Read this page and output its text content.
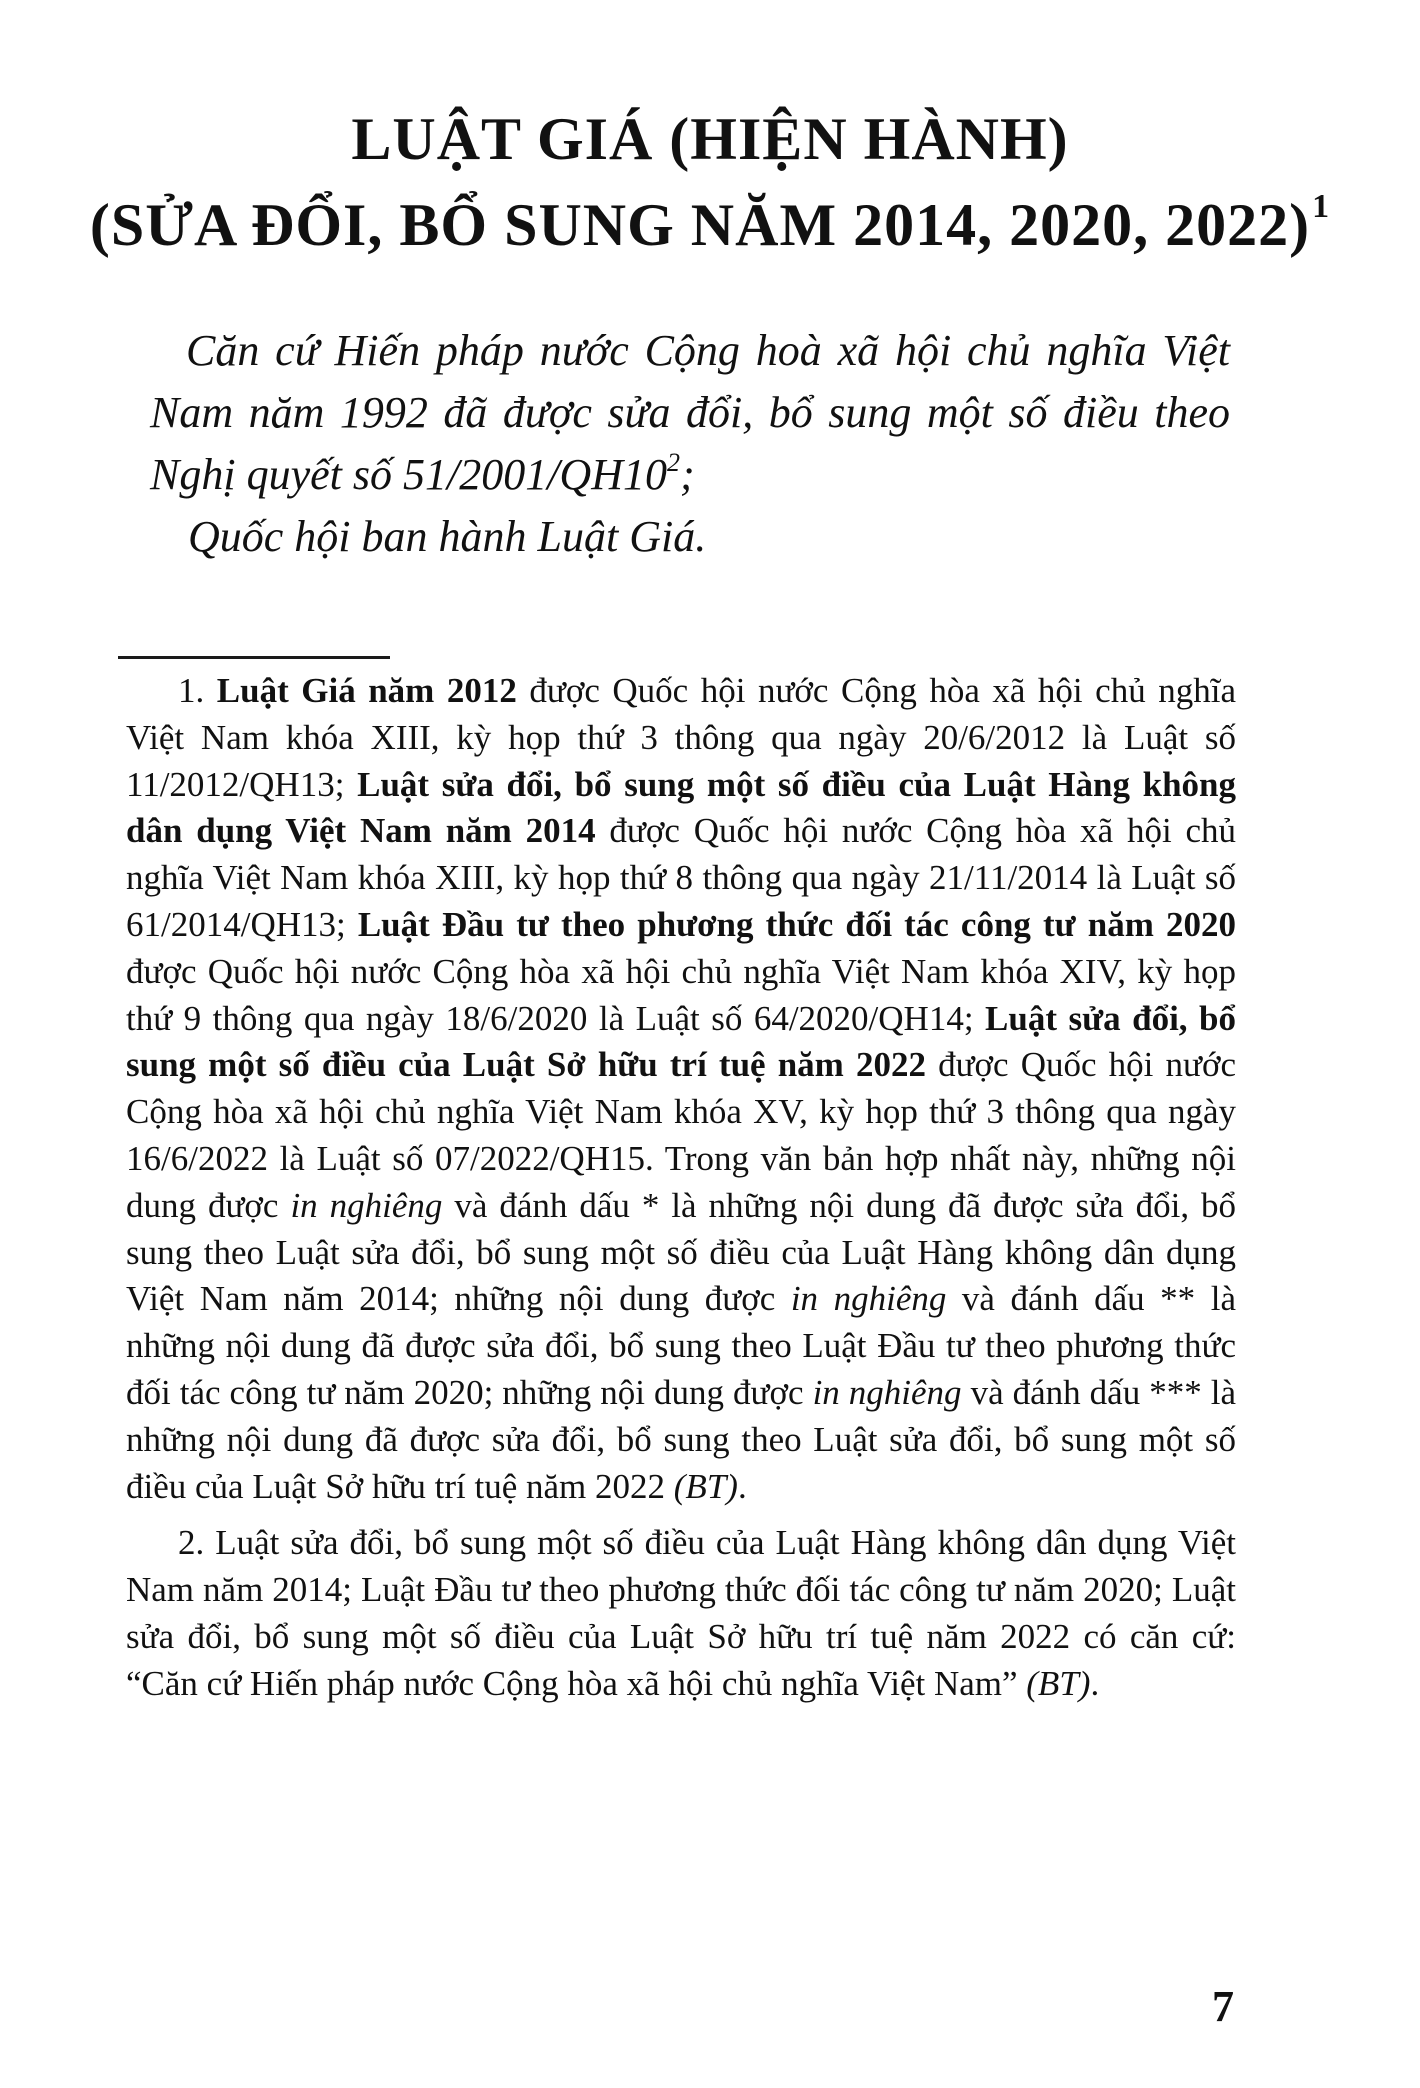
LUẬT GIÁ (HIỆN HÀNH)
(SỬA ĐỔI, BỔ SUNG NĂM 2014, 2020, 2022)$^1$

Căn cứ Hiến pháp nước Cộng hoà xã hội chủ nghĩa Việt Nam năm 1992 đã được sửa đổi, bổ sung một số điều theo Nghị quyết số $51/2001/QH10^2$;

Quốc hội ban hành Luật Giá.

1. Luật Giá năm 2012 được Quốc hội nước Cộng hòa xã hội chủ nghĩa Việt Nam khóa XIII, kỳ họp thứ 3 thông qua ngày 20/6/2012 là Luật số 11/2012/QH13; Luật sửa đổi, bổ sung một số điều của Luật Hàng không dân dụng Việt Nam năm 2014 được Quốc hội nước Cộng hòa xã hội chủ nghĩa Việt Nam khóa XIII, kỳ họp thứ 8 thông qua ngày 21/11/2014 là Luật số 61/2014/QH13; Luật Đầu tư theo phương thức đối tác công tư năm 2020 được Quốc hội nước Cộng hòa xã hội chủ nghĩa Việt Nam khóa XIV, kỳ họp thứ 9 thông qua ngày 18/6/2020 là Luật số 64/2020/QH14; Luật sửa đổi, bổ sung một số điều của Luật Sở hữu trí tuệ năm 2022 được Quốc hội nước Cộng hòa xã hội chủ nghĩa Việt Nam khóa XV, kỳ họp thứ 3 thông qua ngày 16/6/2022 là Luật số 07/2022/QH15. Trong văn bản hợp nhất này, những nội dung được in nghiêng và đánh dấu * là những nội dung đã được sửa đổi, bổ sung theo Luật sửa đổi, bổ sung một số điều của Luật Hàng không dân dụng Việt Nam năm 2014; những nội dung được in nghiêng và đánh dấu ** là những nội dung đã được sửa đổi, bổ sung theo Luật Đầu tư theo phương thức đối tác công tư năm 2020; những nội dung được in nghiêng và đánh dấu *** là những nội dung đã được sửa đổi, bổ sung theo Luật sửa đổi, bổ sung một số điều của Luật Sở hữu trí tuệ năm 2022 (BT).

2. Luật sửa đổi, bổ sung một số điều của Luật Hàng không dân dụng Việt Nam năm 2014; Luật Đầu tư theo phương thức đối tác công tư năm 2020; Luật sửa đổi, bổ sung một số điều của Luật Sở hữu trí tuệ năm 2022 có căn cứ: “Căn cứ Hiến pháp nước Cộng hòa xã hội chủ nghĩa Việt Nam” (BT).

7
